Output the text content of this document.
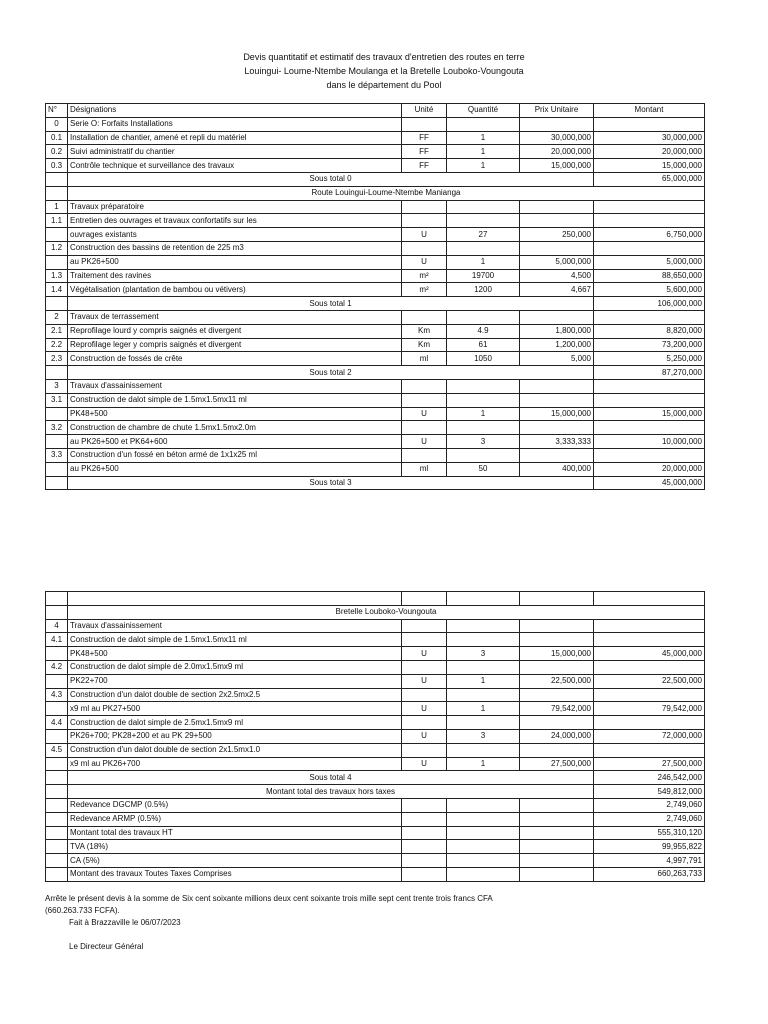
Devis quantitatif et estimatif des travaux d'entretien des routes en terre
Louingui- Loume-Ntembe Moulanga et la Bretelle Louboko-Voungouta
dans le département du Pool
N°	Désignations	Unité	Quantité	Prix Unitaire	Montant
0	Serie O: Forfaits Installations				
0.1	Installation de chantier, amené et repli du matériel	FF	1	30,000,000	30,000,000
0.2	Suivi administratif du chantier	FF	1	20,000,000	20,000,000
0.3	Contrôle technique et surveillance des travaux	FF	1	15,000,000	15,000,000
	Sous total 0				65,000,000
	Route Louingui-Loume-Ntembe Manianga				
1	Travaux préparatoire				
1.1	Entretien des ouvrages et travaux confortatifs sur les				
	ouvrages existants	U	27	250,000	6,750,000
1.2	Construction des bassins de retention de 225 m3				
	au PK26+500	U	1	5,000,000	5,000,000
1.3	Traitement des ravines	m²	19700	4,500	88,650,000
1.4	Végétalisation (plantation de bambou ou vétivers)	m²	1200	4,667	5,600,000
	Sous total 1				106,000,000
2	Travaux de terrassement				
2.1	Reprofilage lourd y compris saignés et divergent	Km	4.9	1,800,000	8,820,000
2.2	Reprofilage leger y compris saignés et divergent	Km	61	1,200,000	73,200,000
2.3	Construction de fossés de crête	ml	1050	5,000	5,250,000
	Sous total 2				87,270,000
3	Travaux d'assainissement				
3.1	Construction de dalot simple de 1.5mx1.5mx11 ml				
	PK48+500	U	1	15,000,000	15,000,000
3.2	Construction de chambre de chute 1.5mx1.5mx2.0m				
	au PK26+500 et PK64+600	U	3	3,333,333	10,000,000
3.3	Construction d'un fossé en béton armé de 1x1x25 ml				
	au PK26+500	ml	50	400,000	20,000,000
	Sous total 3				45,000,000

	Bretelle Louboko-Voungouta				
4	Travaux d'assainissement				
4.1	Construction de dalot simple de 1.5mx1.5mx11 ml				
	PK48+500	U	3	15,000,000	45,000,000
4.2	Construction de dalot simple de 2.0mx1.5mx9 ml				
	PK22+700	U	1	22,500,000	22,500,000
4.3	Construction d'un dalot double de section 2x2.5mx2.5				
	x9 ml au PK27+500	U	1	79,542,000	79,542,000
4.4	Construction de dalot simple de 2.5mx1.5mx9 ml				
	PK26+700; PK28+200 et au PK 29+500	U	3	24,000,000	72,000,000
4.5	Construction d'un dalot double de section 2x1.5mx1.0				
	x9 ml au PK26+700	U	1	27,500,000	27,500,000
	Sous total 4				246,542,000
	Montant total des travaux hors taxes				549,812,000
	Redevance DGCMP (0.5%)				2,749,060
	Redevance ARMP (0.5%)				2,749,060
	Montant total des travaux HT				555,310,120
	TVA (18%)				99,955,822
	CA (5%)				4,997,791
	Montant des travaux Toutes Taxes Comprises				660,263,733
Arrête le présent devis à la somme de Six cent soixante millions deux cent soixante trois mille sept cent trente trois francs CFA
(660.263.733 FCFA).
Fait à Brazzaville le 06/07/2023
Le Directeur Général
